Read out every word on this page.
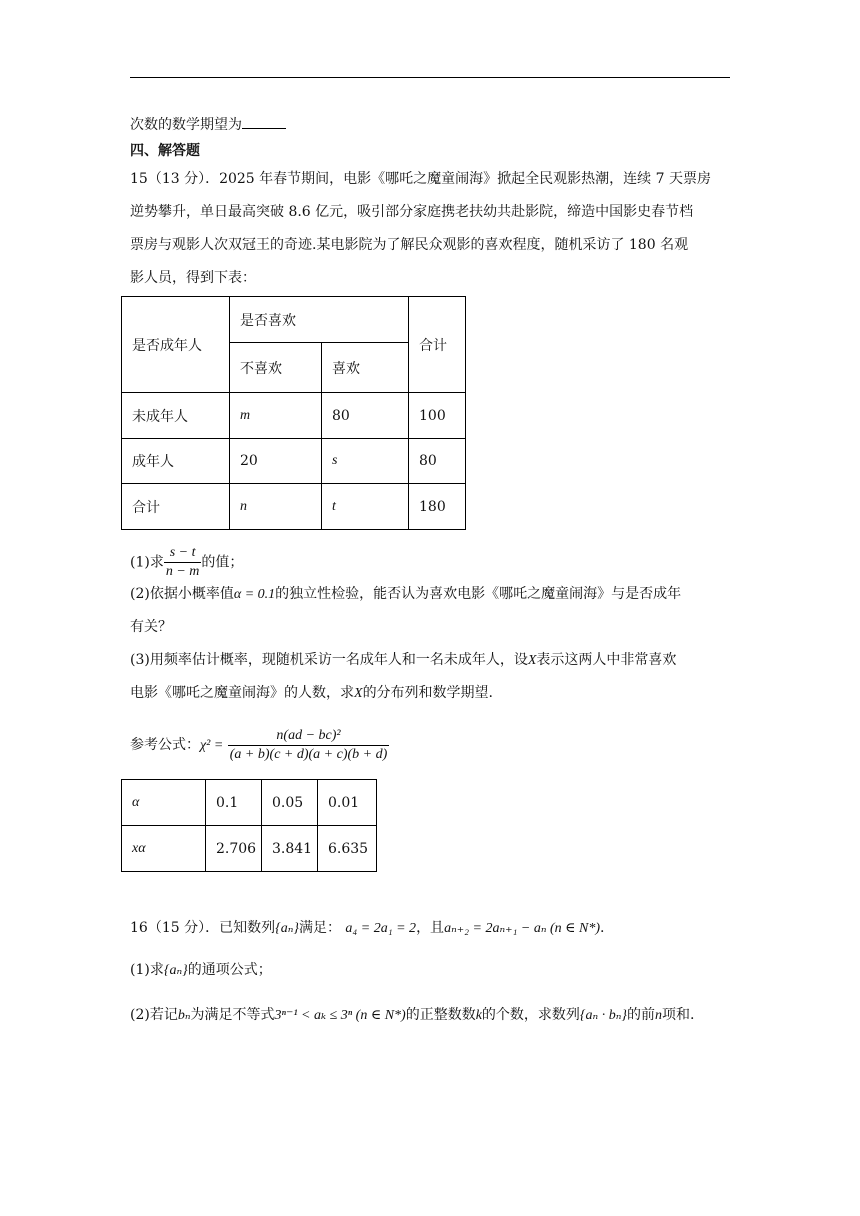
次数的数学期望为
四、解答题
15（13 分）．2025 年春节期间，电影《哪吒之魔童闹海》掀起全民观影热潮，连续 7 天票房
逆势攀升，单日最高突破 8.6 亿元，吸引部分家庭携老扶幼共赴影院，缔造中国影史春节档
票房与观影人次双冠王的奇迹.某电影院为了解民众观影的喜欢程度，随机采访了 180 名观
影人员，得到下表：
是否成年人	是否喜欢		合计
	不喜欢	喜欢	
未成年人	m	80	100
成年人	20	s	80
合计	n	t	180
(1)求 $\frac{s - t}{n - m}$ 的值；
(2)依据小概率值α = 0.1的独立性检验，能否认为喜欢电影《哪吒之魔童闹海》与是否成年
有关？
(3)用频率估计概率，现随机采访一名成年人和一名未成年人，设X表示这两人中非常喜欢
电影《哪吒之魔童闹海》的人数，求X的分布列和数学期望.
参考公式：$\chi^2 = \frac{\text{n(ad − bc)²}}{(a + b)(c + d)(a + c)(b + d)}$
α	0.1	0.05	0.01
xα	2.706	3.841	6.635
16（15 分）．已知数列{aₙ}满足： a₄ = 2a₁ = 2，且aₙ₊₂ = 2aₙ₊₁ − aₙ (n ∈ N*).
(1)求{aₙ}的通项公式；
(2)若记bₙ为满足不等式3ⁿ⁻¹ < aₖ ≤ 3ⁿ (n ∈ N*)的正整数数k的个数，求数列{aₙ · bₙ}的前n项和.
